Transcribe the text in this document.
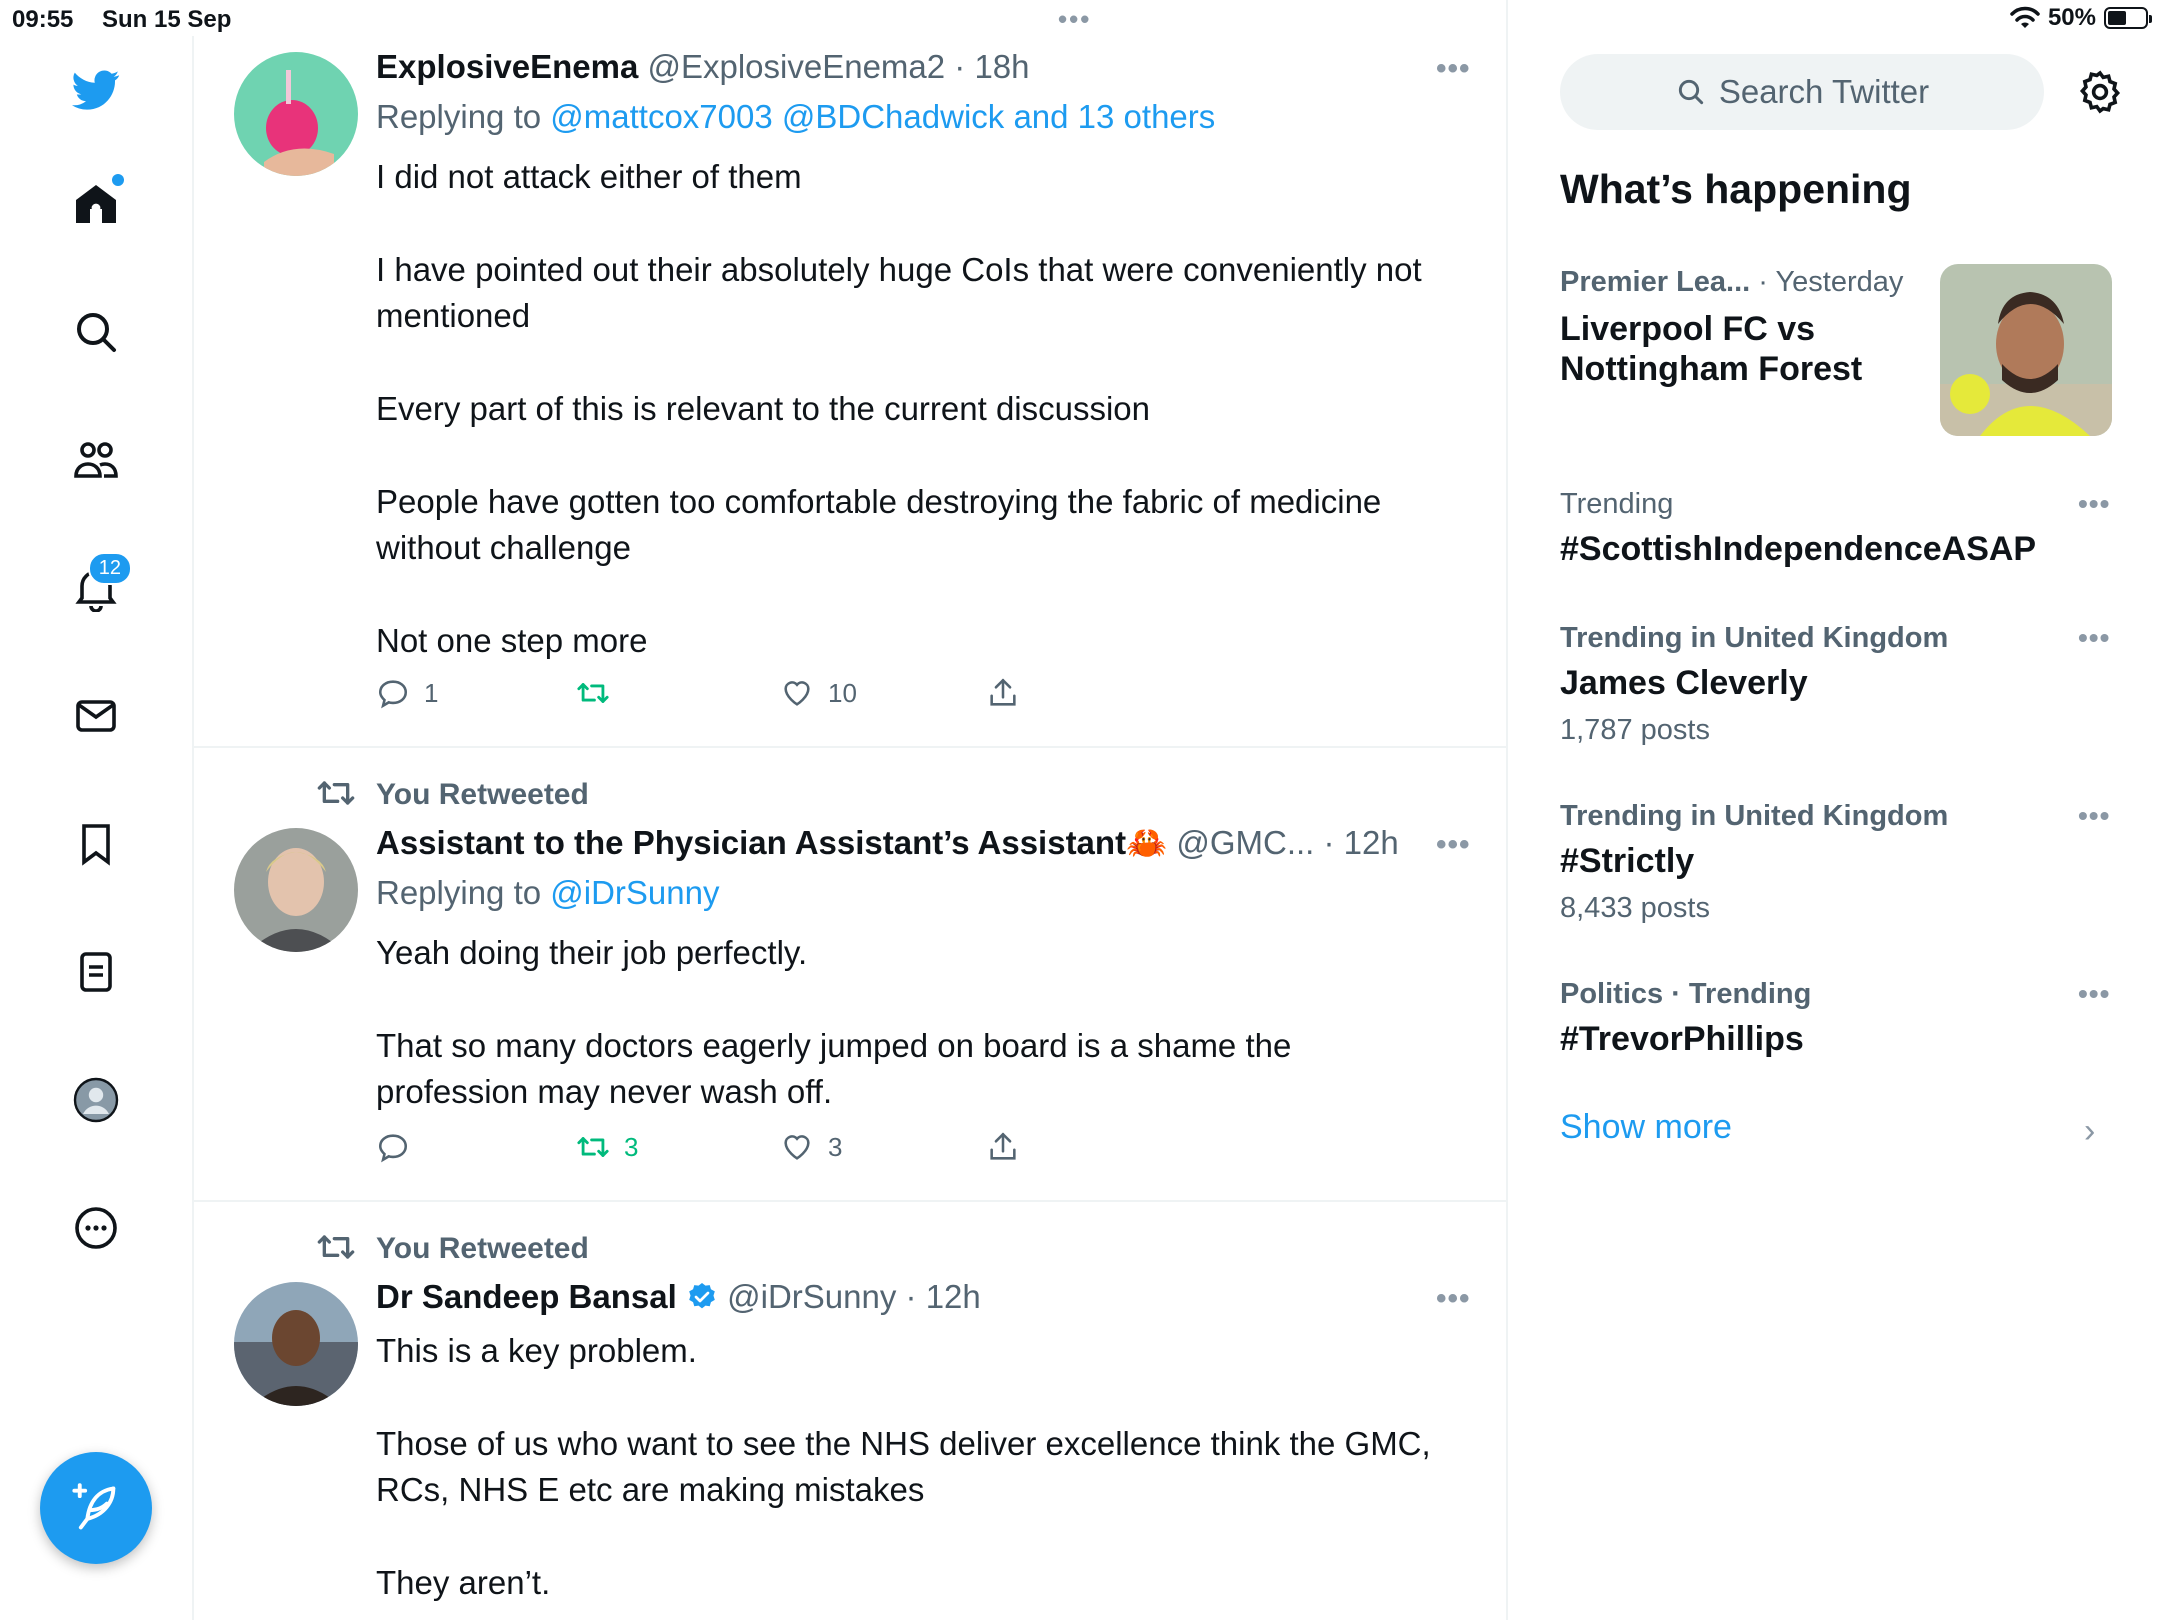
09:55 Sun 15 Sep	•••	50%
12
ExplosiveEnema @ExplosiveEnema2 · 18h	•••
Replying to @mattcox7003 @BDChadwick and 13 others

I did not attack either of them

I have pointed out their absolutely huge CoIs that were conveniently not mentioned

Every part of this is relevant to the current discussion

People have gotten too comfortable destroying the fabric of medicine without challenge

Not one step more

1	10
You Retweeted
Assistant to the Physician Assistant’s Assistant🦀 @GMC... · 12h •••
Replying to @iDrSunny

Yeah doing their job perfectly.

That so many doctors eagerly jumped on board is a shame the profession may never wash off.

3	3
You Retweeted
Dr Sandeep Bansal @iDrSunny · 12h	•••

This is a key problem.

Those of us who want to see the NHS deliver excellence think the GMC, RCs, NHS E etc are making mistakes

They aren’t.

Search Twitter
What’s happening
Premier Lea... · Yesterday
Liverpool FC vs
Nottingham Forest
Trending	•••
#ScottishIndependenceASAP
Trending in United Kingdom	•••
James Cleverly
1,787 posts
Trending in United Kingdom	•••
#Strictly
8,433 posts
Politics · Trending	•••
#TrevorPhillips
Show more	›
